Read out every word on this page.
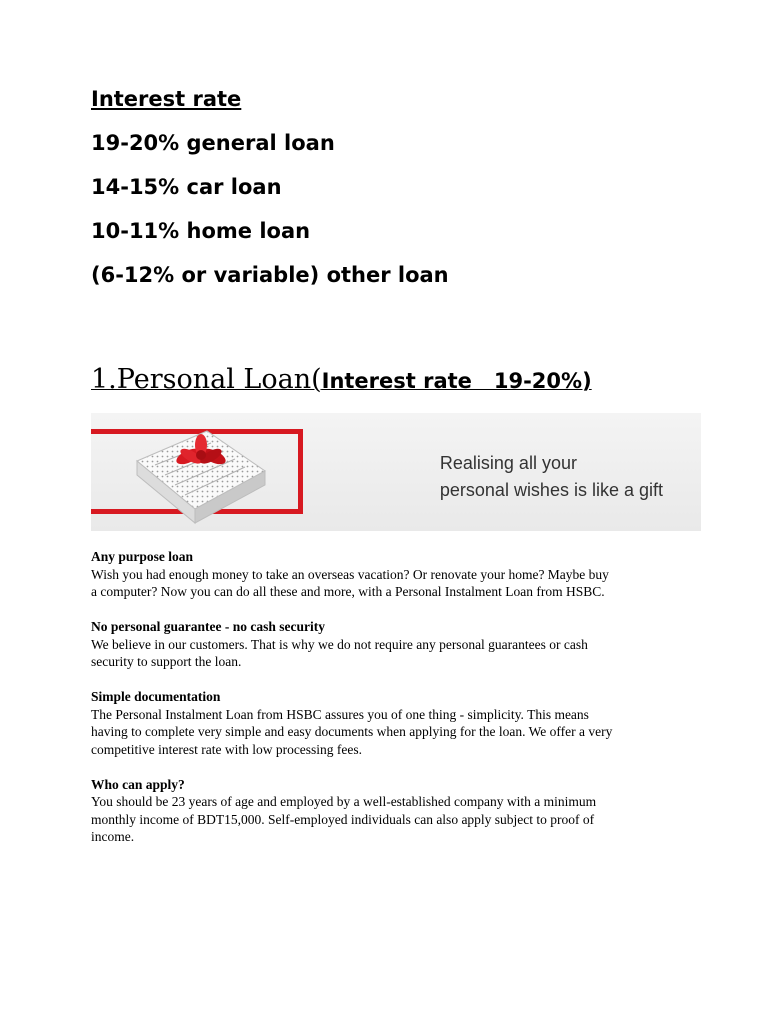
Interest rate
19-20% general loan
14-15% car loan
10-11% home loan
(6-12% or variable) other loan
1.Personal Loan(Interest rate   19-20%)
Realising all your
personal wishes is like a gift
Any purpose loan
Wish you had enough money to take an overseas vacation? Or renovate your home? Maybe buy
a computer? Now you can do all these and more, with a Personal Instalment Loan from HSBC.
No personal guarantee - no cash security
We believe in our customers. That is why we do not require any personal guarantees or cash
security to support the loan.
Simple documentation
The Personal Instalment Loan from HSBC assures you of one thing - simplicity. This means
having to complete very simple and easy documents when applying for the loan. We offer a very
competitive interest rate with low processing fees.
Who can apply?
You should be 23 years of age and employed by a well-established company with a minimum
monthly income of BDT15,000. Self-employed individuals can also apply subject to proof of
income.
